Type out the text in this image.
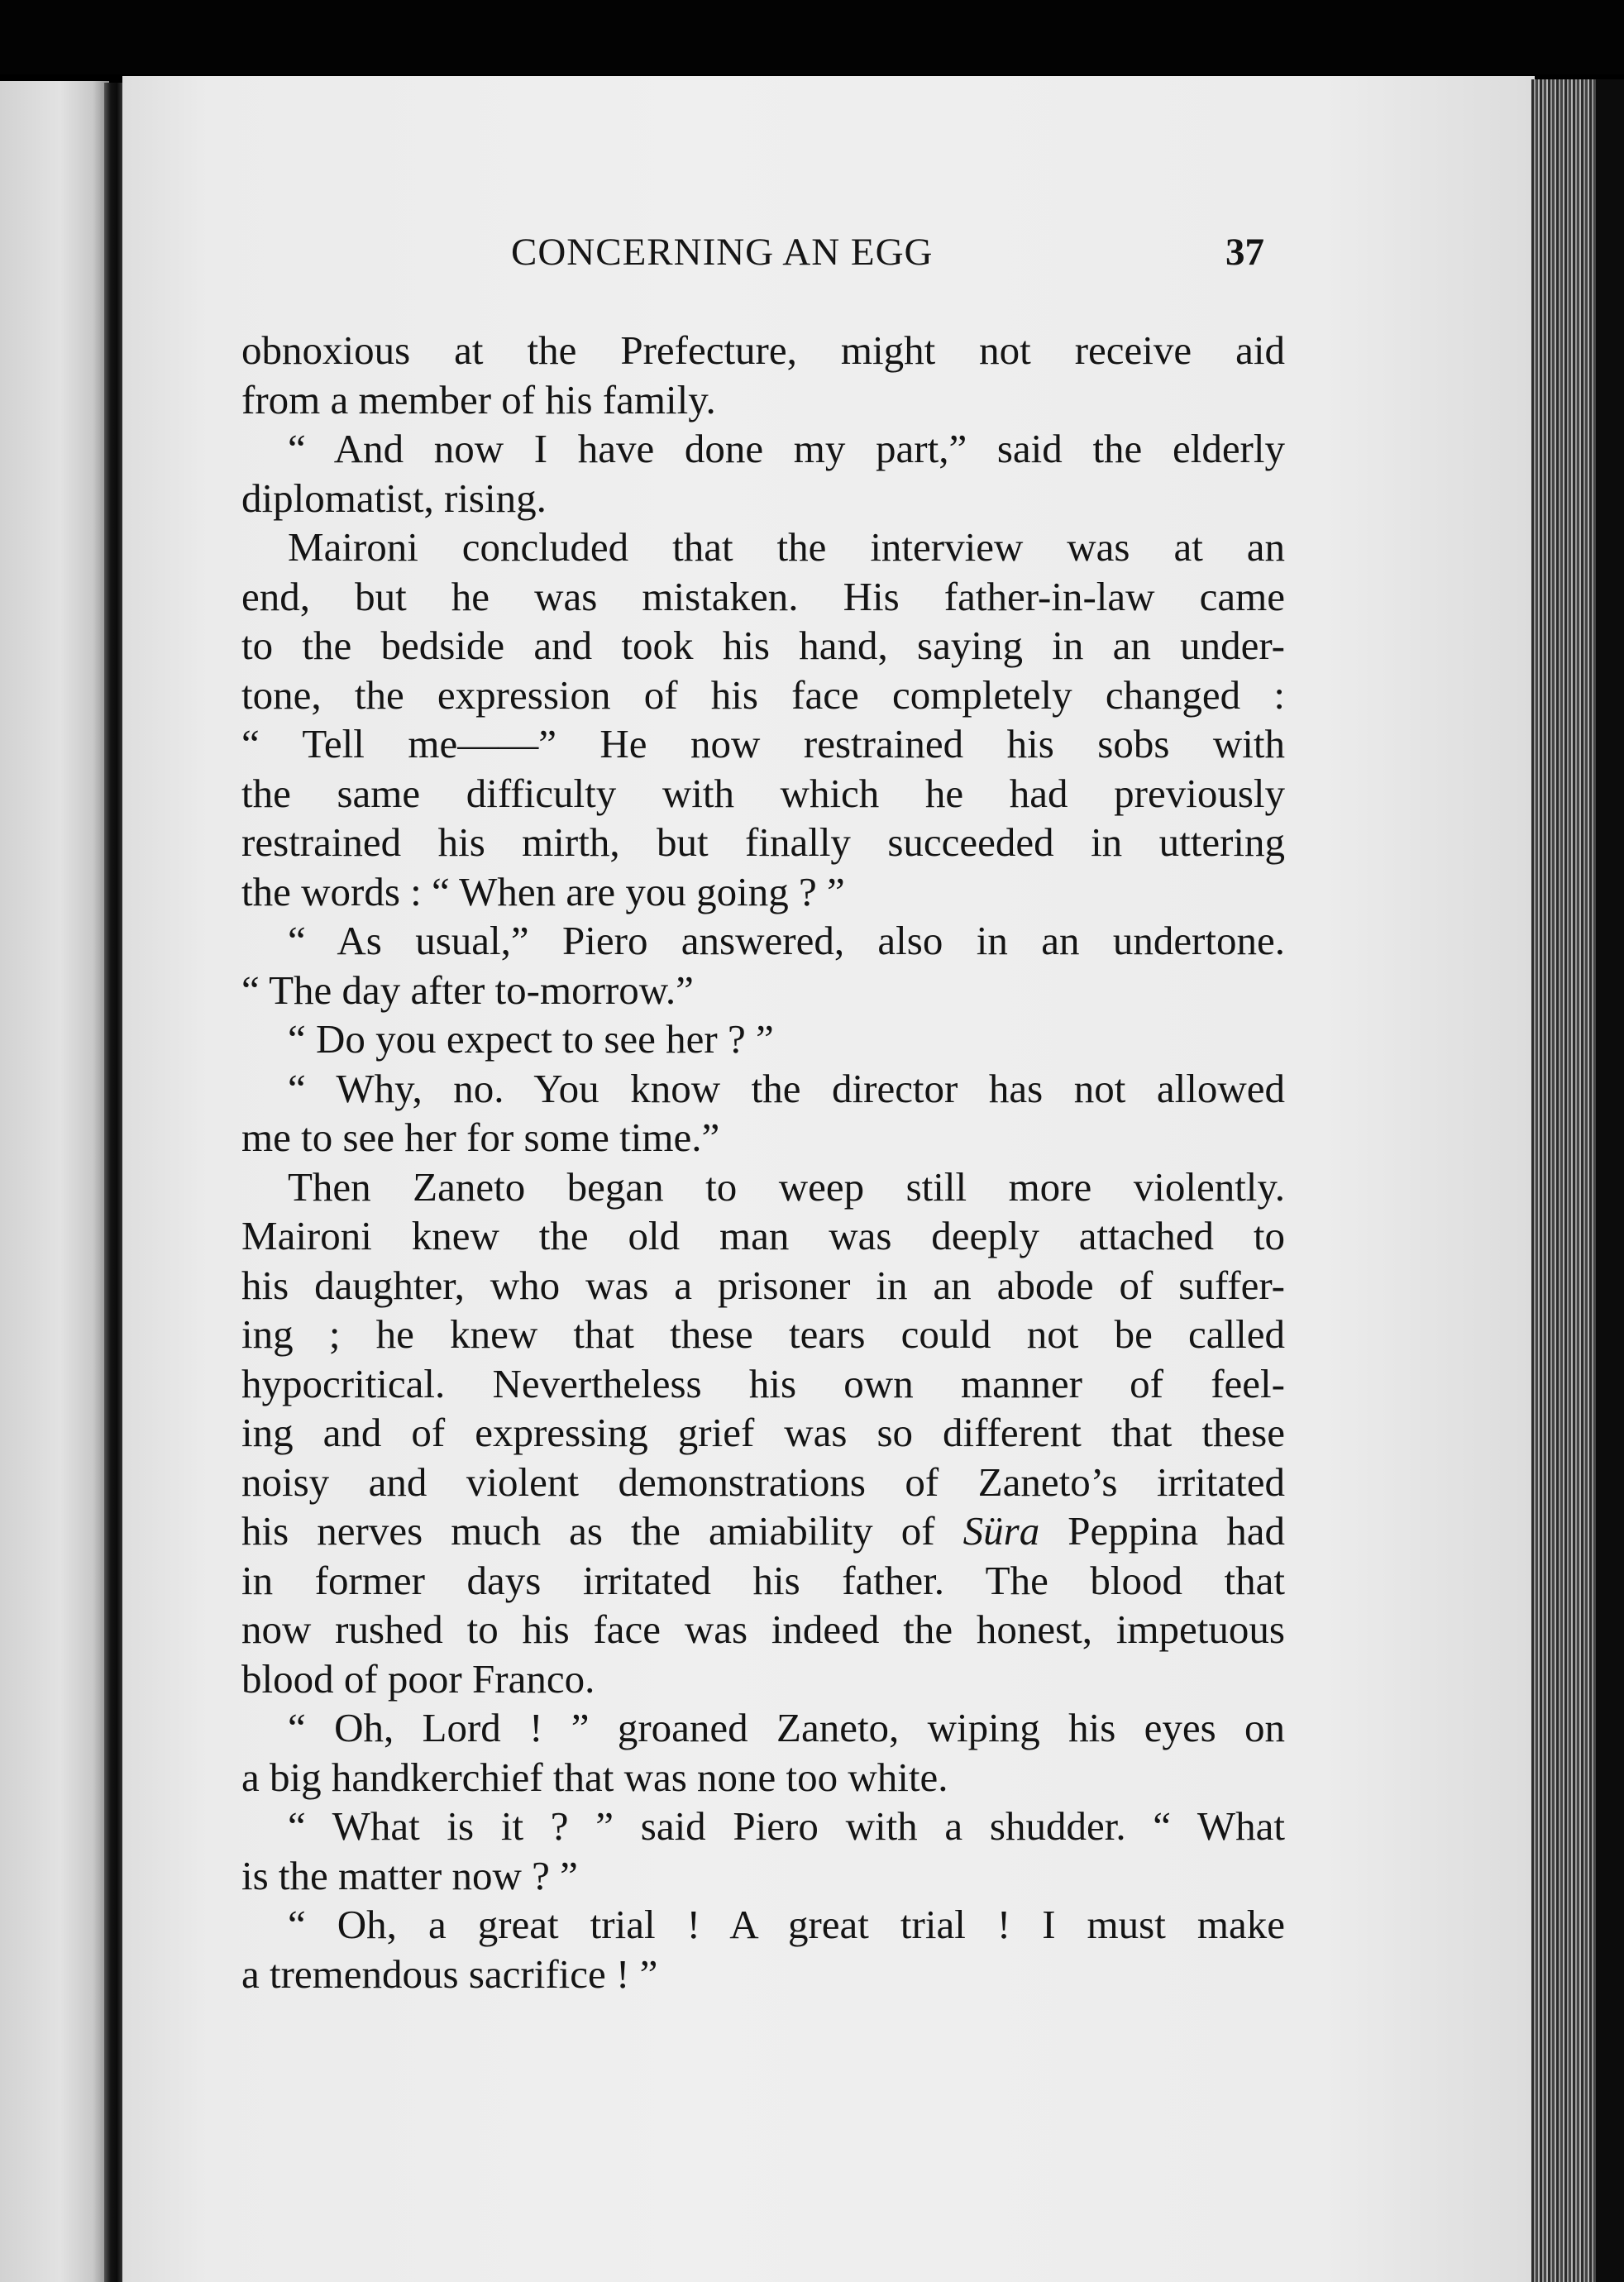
CONCERNING AN EGG	37
obnoxious at the Prefecture, might not receive aid
from a member of his family.
“ And now I have done my part,” said the elderly
diplomatist, rising.
Maironi concluded that the interview was at an
end, but he was mistaken. His father-in-law came
to the bedside and took his hand, saying in an under-
tone, the expression of his face completely changed :
“ Tell me——” He now restrained his sobs with
the same difficulty with which he had previously
restrained his mirth, but finally succeeded in uttering
the words : “ When are you going ? ”
“ As usual,” Piero answered, also in an undertone.
“ The day after to-morrow.”
“ Do you expect to see her ? ”
“ Why, no. You know the director has not allowed
me to see her for some time.”
Then Zaneto began to weep still more violently.
Maironi knew the old man was deeply attached to
his daughter, who was a prisoner in an abode of suffer-
ing ; he knew that these tears could not be called
hypocritical. Nevertheless his own manner of feel-
ing and of expressing grief was so different that these
noisy and violent demonstrations of Zaneto’s irritated
his nerves much as the amiability of Süra Peppina had
in former days irritated his father. The blood that
now rushed to his face was indeed the honest, impetuous
blood of poor Franco.
“ Oh, Lord ! ” groaned Zaneto, wiping his eyes on
a big handkerchief that was none too white.
“ What is it ? ” said Piero with a shudder. “ What
is the matter now ? ”
“ Oh, a great trial ! A great trial ! I must make
a tremendous sacrifice ! ”
